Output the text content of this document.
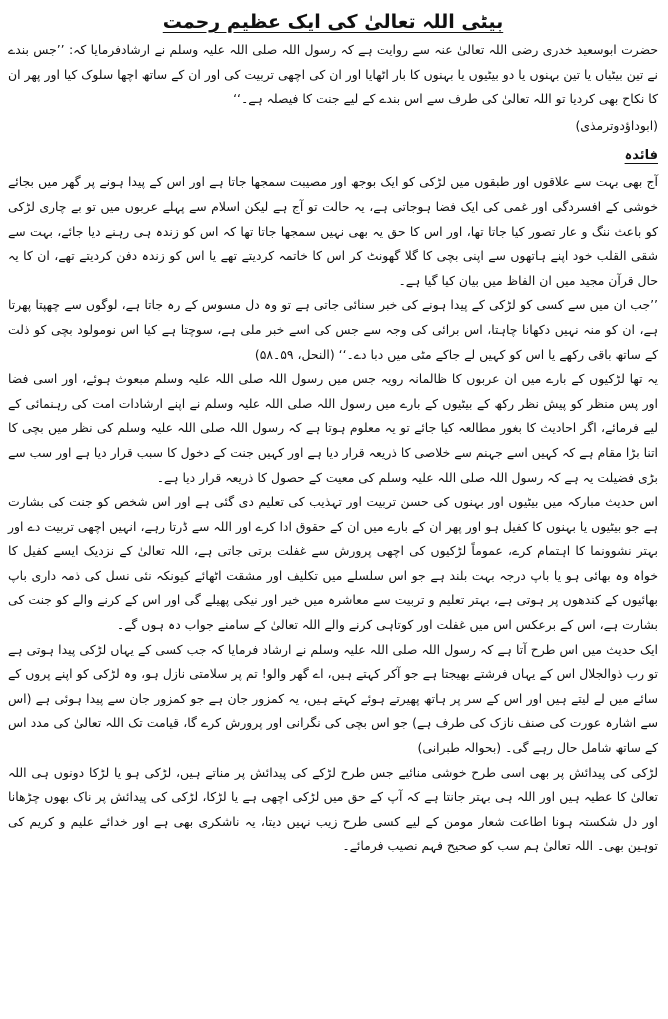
بیٹی اللہ تعالیٰ کی ایک عظیم رحمت

حضرت ابوسعید خدری رضی اللہ تعالیٰ عنہ سے روایت ہے کہ رسول اللہ صلی اللہ علیہ وسلم نے ارشادفرمایا کہ: ’’جس بندے نے تین بیٹیاں یا تین بہنوں یا دو بیٹیوں یا بہنوں کا بار اٹھایا اور ان کی اچھی تربیت کی اور ان کے ساتھ اچھا سلوک کیا اور پھر ان کا نکاح بھی کردیا تو اللہ تعالیٰ کی طرف سے اس بندے کے لیے جنت کا فیصلہ ہے۔‘‘

(ابوداؤدوترمذی)

فائدہ

آج بھی بہت سے علاقوں اور طبقوں میں لڑکی کو ایک بوجھ اور مصیبت سمجھا جاتا ہے اور اس کے پیدا ہونے پر گھر میں بجائے خوشی کے افسردگی اور غمی کی ایک فضا ہوجاتی ہے، یہ حالت تو آج ہے لیکن اسلام سے پہلے عربوں میں تو بے چاری لڑکی کو باعث ننگ و عار تصور کیا جاتا تھا، اور اس کا حق یہ بھی نہیں سمجھا جاتا تھا کہ اس کو زندہ ہی رہنے دیا جائے، بہت سے شقی القلب خود اپنے ہاتھوں سے اپنی بچی کا گلا گھونٹ کر اس کا خاتمہ کردیتے تھے یا اس کو زندہ دفن کردیتے تھے، ان کا یہ حال قرآن مجید میں ان الفاظ میں بیان کیا گیا ہے۔

’’جب ان میں سے کسی کو لڑکی کے پیدا ہونے کی خبر سنائی جاتی ہے تو وہ دل مسوس کے رہ جاتا ہے، لوگوں سے چھپتا پھرتا ہے، ان کو منہ نہیں دکھانا چاہتا، اس برائی کی وجہ سے جس کی اسے خبر ملی ہے، سوچتا ہے کیا اس نومولود بچی کو ذلت کے ساتھ باقی رکھے یا اس کو کہیں لے جاکے مٹی میں دبا دے۔‘‘ (النحل، ۵۹۔۵۸)

یہ تھا لڑکیوں کے بارے میں ان عربوں کا ظالمانہ رویہ جس میں رسول اللہ صلی اللہ علیہ وسلم مبعوث ہوئے، اور اسی فضا اور پس منظر کو پیش نظر رکھ کے بیٹیوں کے بارے میں رسول اللہ صلی اللہ علیہ وسلم نے اپنے ارشادات امت کی رہنمائی کے لیے فرمائے، اگر احادیث کا بغور مطالعہ کیا جائے تو یہ معلوم ہوتا ہے کہ رسول اللہ صلی اللہ علیہ وسلم کی نظر میں بچی کا اتنا بڑا مقام ہے کہ کہیں اسے جہنم سے خلاصی کا ذریعہ قرار دیا ہے اور کہیں جنت کے دخول کا سبب قرار دیا ہے اور سب سے بڑی فضیلت یہ ہے کہ رسول اللہ صلی اللہ علیہ وسلم کی معیت کے حصول کا ذریعہ قرار دیا ہے۔

اس حدیث مبارکہ میں بیٹیوں اور بہنوں کی حسن تربیت اور تہذیب کی تعلیم دی گئی ہے اور اس شخص کو جنت کی بشارت ہے جو بیٹیوں یا بہنوں کا کفیل ہو اور پھر ان کے بارے میں ان کے حقوق ادا کرے اور اللہ سے ڈرتا رہے، انہیں اچھی تربیت دے اور بہتر نشوونما کا اہتمام کرے، عموماً لڑکیوں کی اچھی پرورش سے غفلت برتی جاتی ہے، اللہ تعالیٰ کے نزدیک ایسے کفیل کا خواہ وہ بھائی ہو یا باپ درجہ بہت بلند ہے جو اس سلسلے میں تکلیف اور مشقت اٹھائے کیونکہ نئی نسل کی ذمہ داری باپ بھائیوں کے کندھوں پر ہوتی ہے، بہتر تعلیم و تربیت سے معاشرہ میں خیر اور نیکی پھیلے گی اور اس کے کرنے والے کو جنت کی بشارت ہے، اس کے برعکس اس میں غفلت اور کوتاہی کرنے والے اللہ تعالیٰ کے سامنے جواب دہ ہوں گے۔

ایک حدیث میں اس طرح آتا ہے کہ رسول اللہ صلی اللہ علیہ وسلم نے ارشاد فرمایا کہ جب کسی کے یہاں لڑکی پیدا ہوتی ہے تو رب ذوالجلال اس کے یہاں فرشتے بھیجتا ہے جو آکر کہتے ہیں، اے گھر والو! تم پر سلامتی نازل ہو، وہ لڑکی کو اپنے پروں کے سائے میں لے لیتے ہیں اور اس کے سر پر ہاتھ پھیرتے ہوئے کہتے ہیں، یہ کمزور جان ہے جو کمزور جان سے پیدا ہوئی ہے (اس سے اشارہ عورت کی صنف نازک کی طرف ہے) جو اس بچی کی نگرانی اور پرورش کرے گا، قیامت تک اللہ تعالیٰ کی مدد اس کے ساتھ شامل حال رہے گی۔ (بحوالہ طبرانی)

لڑکی کی پیدائش پر بھی اسی طرح خوشی منائیے جس طرح لڑکے کی پیدائش پر مناتے ہیں، لڑکی ہو یا لڑکا دونوں ہی اللہ تعالیٰ کا عطیہ ہیں اور اللہ ہی بہتر جانتا ہے کہ آپ کے حق میں لڑکی اچھی ہے یا لڑکا، لڑکی کی پیدائش پر ناک بھوں چڑھانا اور دل شکستہ ہونا اطاعت شعار مومن کے لیے کسی طرح زیب نہیں دیتا، یہ ناشکری بھی ہے اور خدائے علیم و کریم کی توہین بھی۔ اللہ تعالیٰ ہم سب کو صحیح فہم نصیب فرمائے۔
